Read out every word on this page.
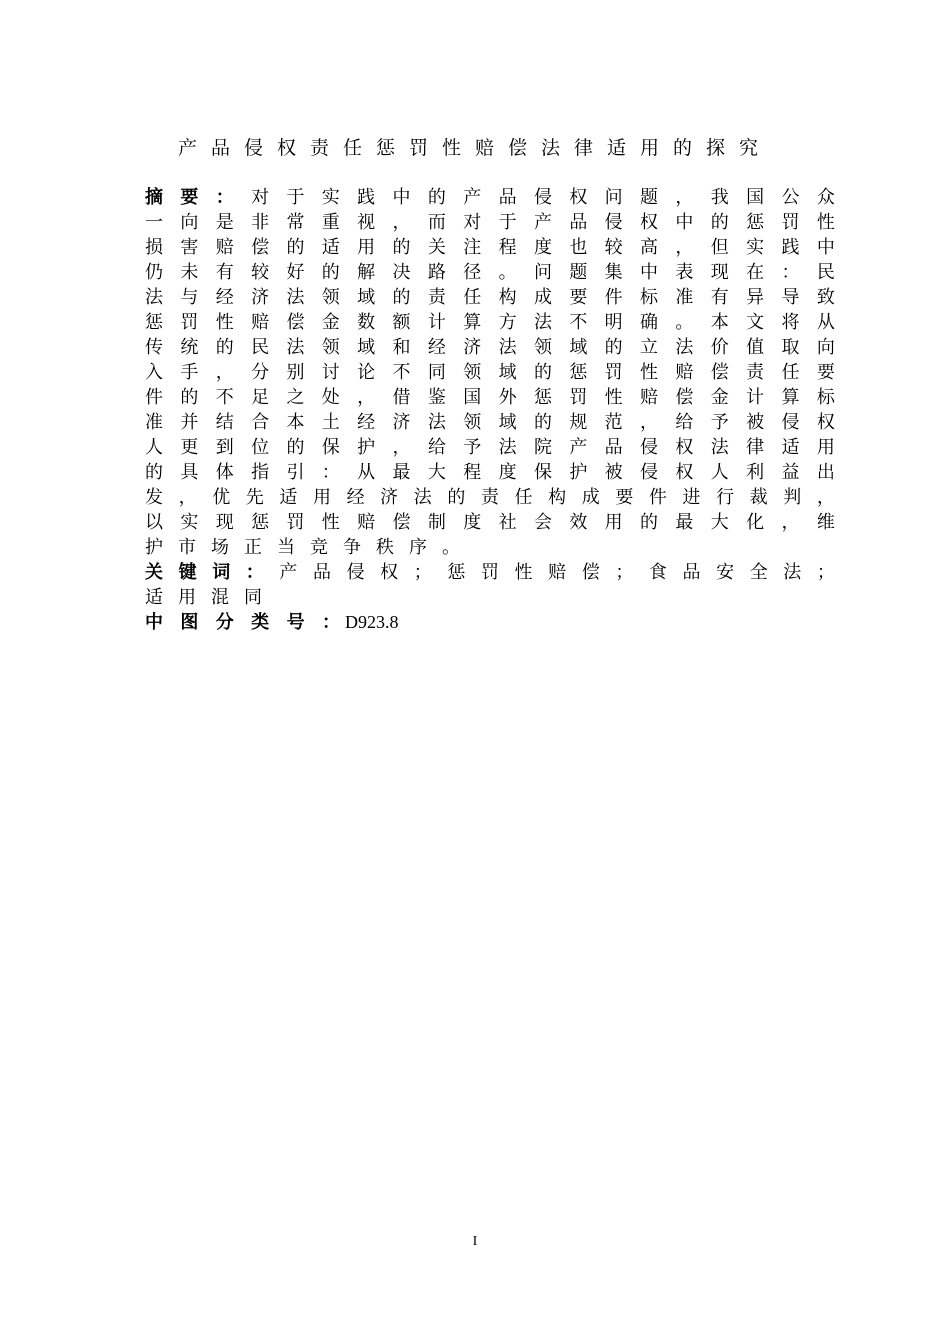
产品侵权责任惩罚性赔偿法律适用的探究
摘 要 ： 对 于 实 践 中 的 产 品 侵 权 问 题 ， 我 国 公 众
一 向 是 非 常 重 视 ， 而 对 于 产 品 侵 权 中 的 惩 罚 性
损 害 赔 偿 的 适 用 的 关 注 程 度 也 较 高 ， 但 实 践 中
仍 未 有 较 好 的 解 决 路 径 。 问 题 集 中 表 现 在 ： 民
法 与 经 济 法 领 域 的 责 任 构 成 要 件 标 准 有 异 导 致
惩 罚 性 赔 偿 金 数 额 计 算 方 法 不 明 确 。 本 文 将 从
传 统 的 民 法 领 域 和 经 济 法 领 域 的 立 法 价 值 取 向
入 手 ， 分 别 讨 论 不 同 领 域 的 惩 罚 性 赔 偿 责 任 要
件 的 不 足 之 处 ， 借 鉴 国 外 惩 罚 性 赔 偿 金 计 算 标
准 并 结 合 本 土 经 济 法 领 域 的 规 范 ， 给 予 被 侵 权
人 更 到 位 的 保 护 ， 给 予 法 院 产 品 侵 权 法 律 适 用
的 具 体 指 引 ： 从 最 大 程 度 保 护 被 侵 权 人 利 益 出
发 ， 优 先 适 用 经 济 法 的 责 任 构 成 要 件 进 行 裁 判 ，
以 实 现 惩 罚 性 赔 偿 制 度 社 会 效 用 的 最 大 化 ， 维
护 市 场 正 当 竞 争 秩 序 。
关 键 词 ： 产 品 侵 权 ； 惩 罚 性 赔 偿 ； 食 品 安 全 法 ；
适 用 混 同
中 图 分 类 号 ： D923.8
I
